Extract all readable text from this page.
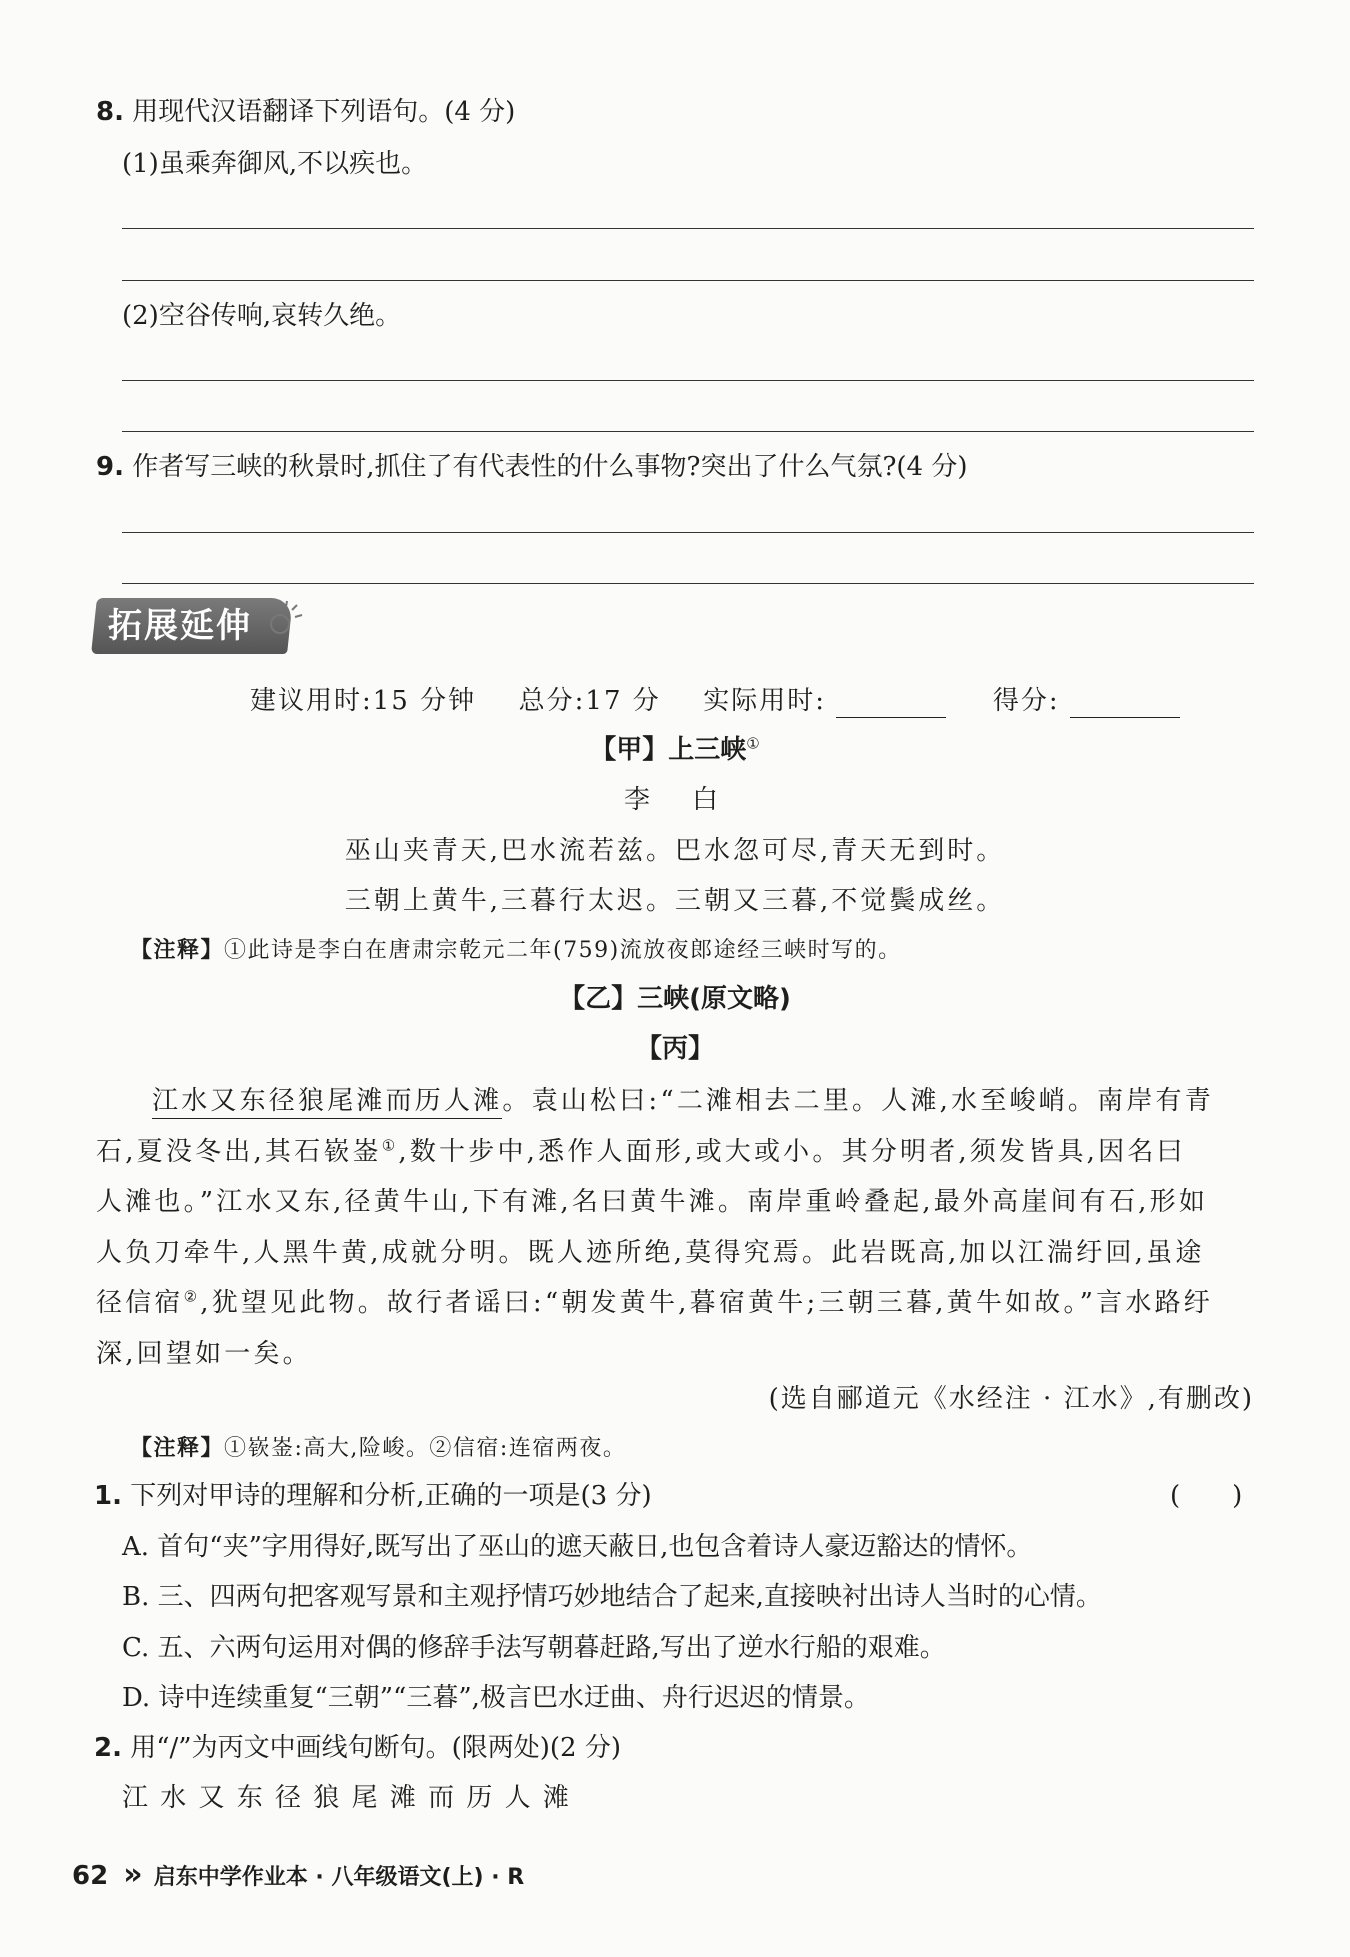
8. 用现代汉语翻译下列语句。(4 分)
(1)虽乘奔御风,不以疾也。
(2)空谷传响,哀转久绝。
9. 作者写三峡的秋景时,抓住了有代表性的什么事物?突出了什么气氛?(4 分)
拓展延伸
建议用时:15 分钟 总分:17 分 实际用时:	得分:
【甲】上三峡①
李　白
巫山夹青天,巴水流若兹。巴水忽可尽,青天无到时。
三朝上黄牛,三暮行太迟。三朝又三暮,不觉鬓成丝。
【注释】①此诗是李白在唐肃宗乾元二年(759)流放夜郎途经三峡时写的。
【乙】三峡(原文略)
【丙】
江水又东径狼尾滩而历人滩。袁山松曰:“二滩相去二里。人滩,水至峻峭。南岸有青
石,夏没冬出,其石嵚崟①,数十步中,悉作人面形,或大或小。其分明者,须发皆具,因名曰
人滩也。”江水又东,径黄牛山,下有滩,名曰黄牛滩。南岸重岭叠起,最外高崖间有石,形如
人负刀牵牛,人黑牛黄,成就分明。既人迹所绝,莫得究焉。此岩既高,加以江湍纡回,虽途
径信宿②,犹望见此物。故行者谣曰:“朝发黄牛,暮宿黄牛;三朝三暮,黄牛如故。”言水路纡
深,回望如一矣。
(选自郦道元《水经注 · 江水》,有删改)
【注释】①嵚崟:高大,险峻。②信宿:连宿两夜。
1. 下列对甲诗的理解和分析,正确的一项是(3 分)	(　　)
A. 首句“夹”字用得好,既写出了巫山的遮天蔽日,也包含着诗人豪迈豁达的情怀。
B. 三、四两句把客观写景和主观抒情巧妙地结合了起来,直接映衬出诗人当时的心情。
C. 五、六两句运用对偶的修辞手法写朝暮赶路,写出了逆水行船的艰难。
D. 诗中连续重复“三朝”“三暮”,极言巴水迂曲、舟行迟迟的情景。
2. 用“/”为丙文中画线句断句。(限两处)(2 分)
江 水 又 东 径 狼 尾 滩 而 历 人 滩
62 » 启东中学作业本 · 八年级语文(上) · R
